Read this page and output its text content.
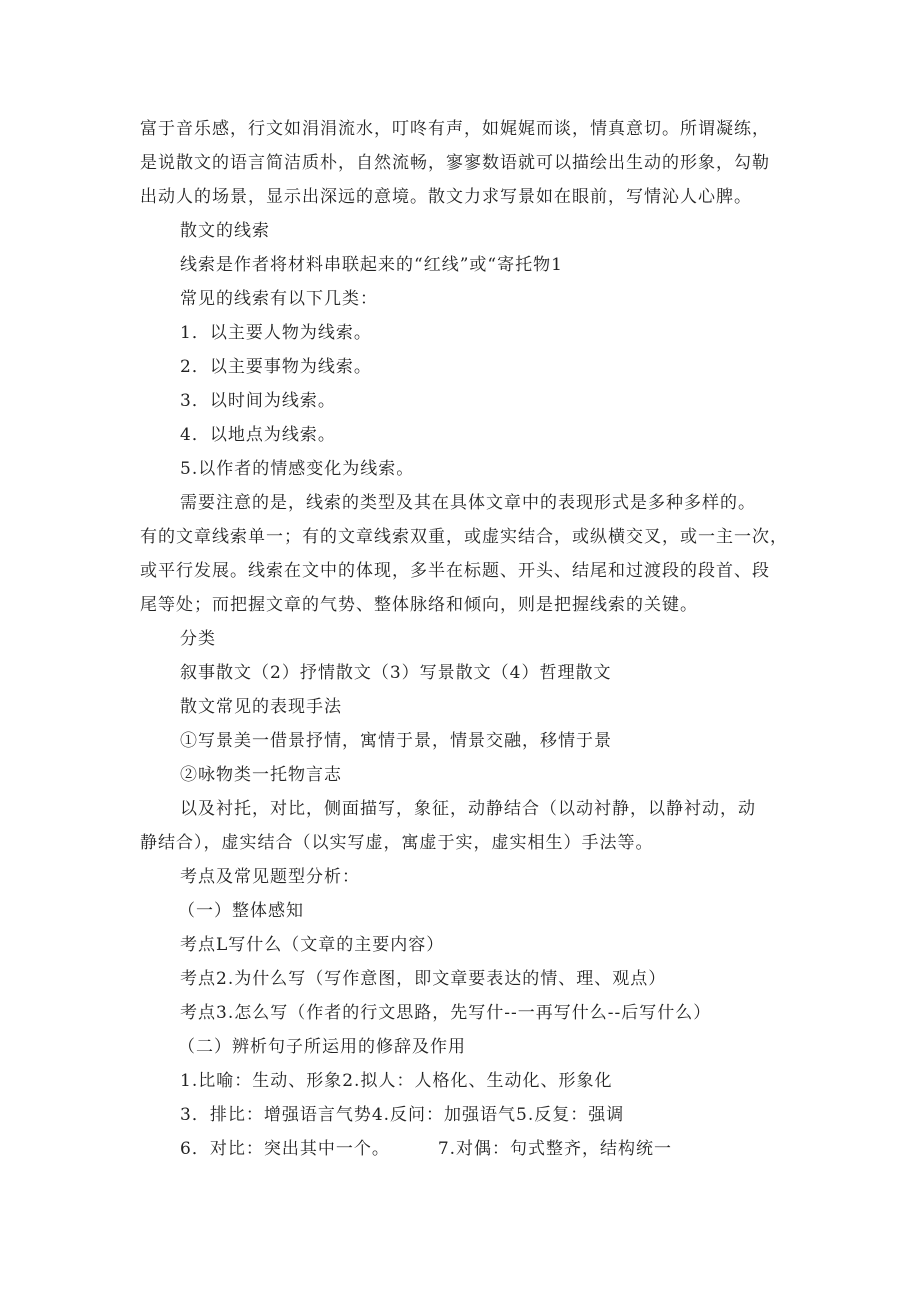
富于音乐感，行文如涓涓流水，叮咚有声，如娓娓而谈，情真意切。所谓凝练，
是说散文的语言简洁质朴，自然流畅，寥寥数语就可以描绘出生动的形象，勾勒
出动人的场景，显示出深远的意境。散文力求写景如在眼前，写情沁人心脾。
散文的线索
线索是作者将材料串联起来的“红线”或“寄托物1
常见的线索有以下几类：
1．以主要人物为线索。
2．以主要事物为线索。
3．以时间为线索。
4．以地点为线索。
5.以作者的情感变化为线索。
需要注意的是，线索的类型及其在具体文章中的表现形式是多种多样的。
有的文章线索单一；有的文章线索双重，或虚实结合，或纵横交叉，或一主一次，
或平行发展。线索在文中的体现，多半在标题、开头、结尾和过渡段的段首、段
尾等处；而把握文章的气势、整体脉络和倾向，则是把握线索的关键。
分类
叙事散文（2）抒情散文（3）写景散文（4）哲理散文
散文常见的表现手法
①写景美一借景抒情，寓情于景，情景交融，移情于景
②咏物类一托物言志
以及衬托，对比，侧面描写，象征，动静结合（以动衬静，以静衬动，动
静结合），虚实结合（以实写虚，寓虚于实，虚实相生）手法等。
考点及常见题型分析：
（一）整体感知
考点L写什么（文章的主要内容）
考点2.为什么写（写作意图，即文章要表达的情、理、观点）
考点3.怎么写（作者的行文思路，先写什--一再写什么--后写什么）
（二）辨析句子所运用的修辞及作用
1.比喻：生动、形象2.拟人：人格化、生动化、形象化
3．排比：增强语言气势4.反问：加强语气5.反复：强调
6．对比：突出其中一个。	7.对偶：句式整齐，结构统一
